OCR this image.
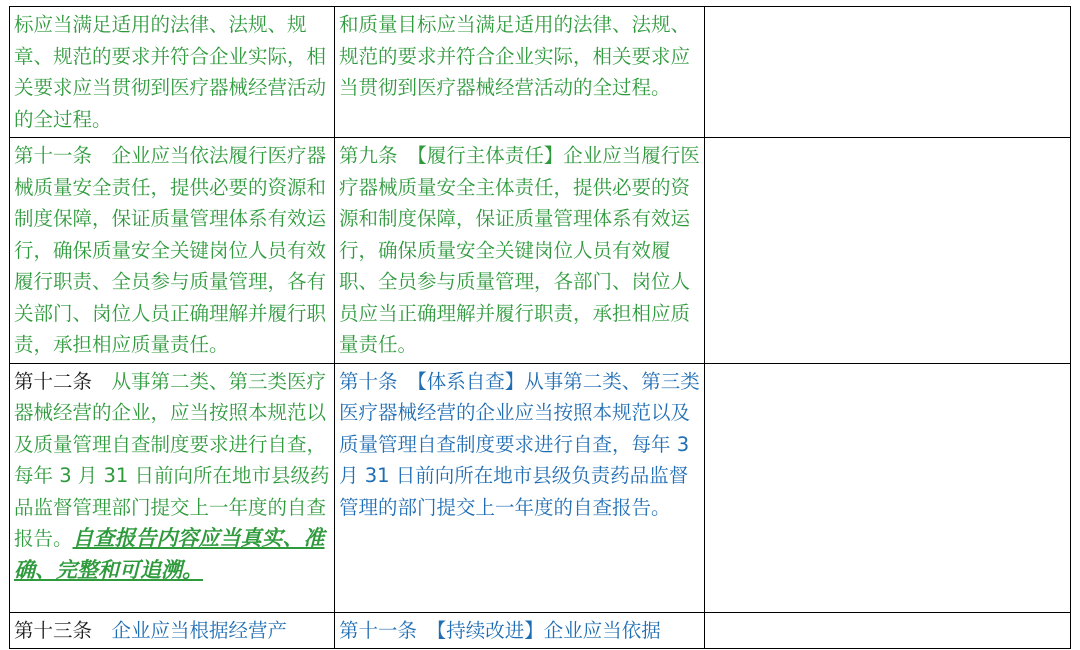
标应当满足适用的法律、法规、规章、规范的要求并符合企业实际，相关要求应当贯彻到医疗器械经营活动的全过程。	和质量目标应当满足适用的法律、法规、规范的要求并符合企业实际，相关要求应当贯彻到医疗器械经营活动的全过程。	
第十一条　企业应当依法履行医疗器械质量安全责任，提供必要的资源和制度保障，保证质量管理体系有效运行，确保质量安全关键岗位人员有效履行职责、全员参与质量管理，各有关部门、岗位人员正确理解并履行职责，承担相应质量责任。	第九条　【履行主体责任】企业应当履行医疗器械质量安全主体责任，提供必要的资源和制度保障，保证质量管理体系有效运行，确保质量安全关键岗位人员有效履职、全员参与质量管理，各部门、岗位人员应当正确理解并履行职责，承担相应质量责任。	
第十二条　从事第二类、第三类医疗器械经营的企业，应当按照本规范以及质量管理自查制度要求进行自查，每年 3 月 31 日前向所在地市县级药品监督管理部门提交上一年度的自查报告。自查报告内容应当真实、准确、完整和可追溯。	第十条　【体系自查】从事第二类、第三类医疗器械经营的企业应当按照本规范以及质量管理自查制度要求进行自查，每年 3 月 31 日前向所在地市县级负责药品监督管理的部门提交上一年度的自查报告。	
第十三条　企业应当根据经营产	第十一条　【持续改进】企业应当依据	
